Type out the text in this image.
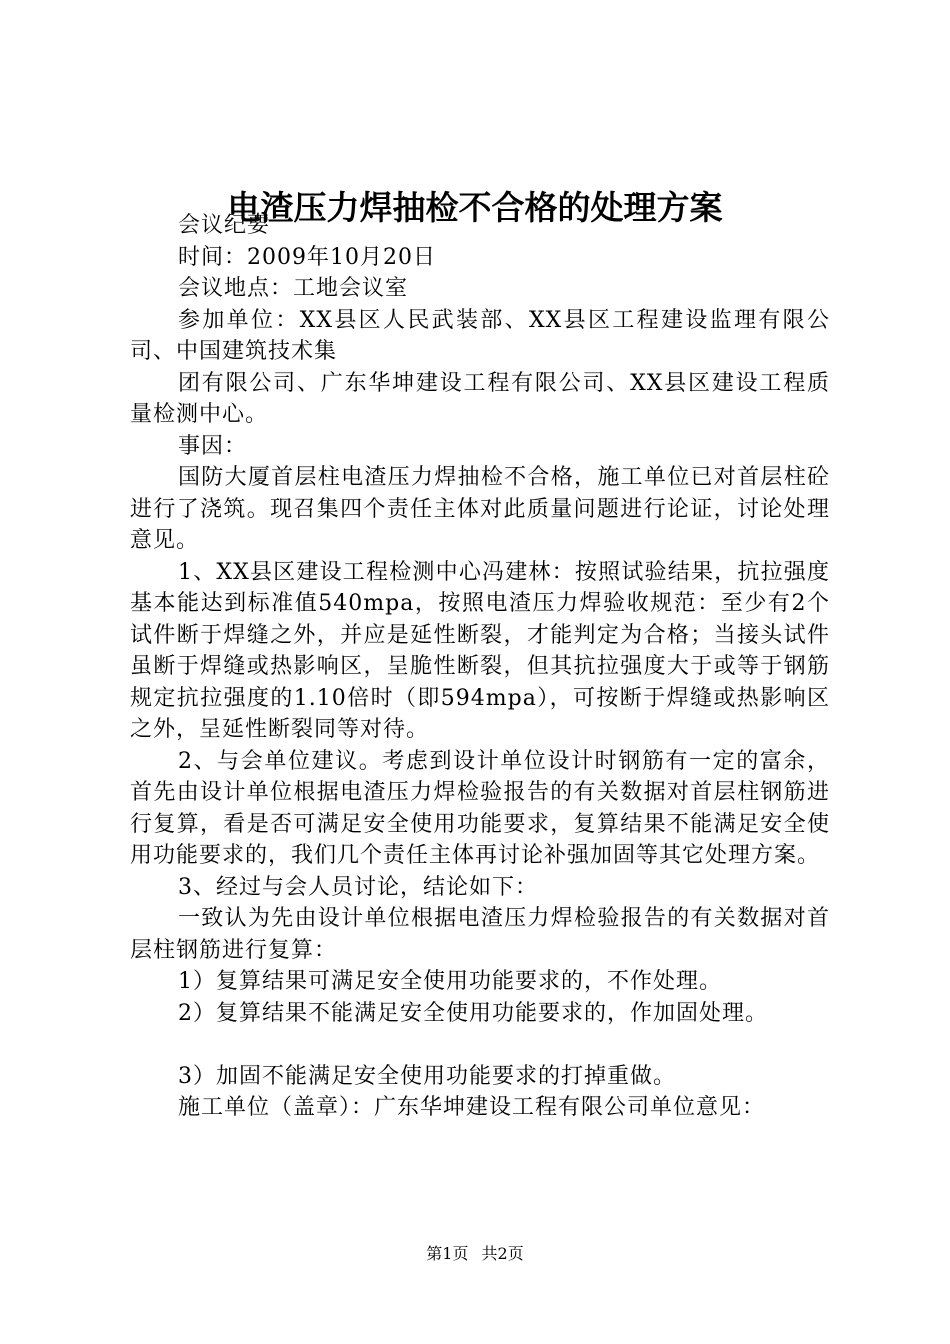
电渣压力焊抽检不合格的处理方案

会议纪要

时间：2009年10月20日

会议地点：工地会议室

参加单位：XX县区人民武装部、XX县区工程建设监理有限公司、中国建筑技术集

团有限公司、广东华坤建设工程有限公司、XX县区建设工程质量检测中心。

事因：

国防大厦首层柱电渣压力焊抽检不合格，施工单位已对首层柱砼进行了浇筑。现召集四个责任主体对此质量问题进行论证，讨论处理意见。

1、XX县区建设工程检测中心冯建林：按照试验结果，抗拉强度基本能达到标准值540mpa，按照电渣压力焊验收规范：至少有2个试件断于焊缝之外，并应是延性断裂，才能判定为合格；当接头试件虽断于焊缝或热影响区，呈脆性断裂，但其抗拉强度大于或等于钢筋规定抗拉强度的1.10倍时（即594mpa），可按断于焊缝或热影响区之外，呈延性断裂同等对待。

2、与会单位建议。考虑到设计单位设计时钢筋有一定的富余，首先由设计单位根据电渣压力焊检验报告的有关数据对首层柱钢筋进行复算，看是否可满足安全使用功能要求，复算结果不能满足安全使用功能要求的，我们几个责任主体再讨论补强加固等其它处理方案。

3、经过与会人员讨论，结论如下：

一致认为先由设计单位根据电渣压力焊检验报告的有关数据对首层柱钢筋进行复算：

1）复算结果可满足安全使用功能要求的，不作处理。

2）复算结果不能满足安全使用功能要求的，作加固处理。

3）加固不能满足安全使用功能要求的打掉重做。

施工单位（盖章）：广东华坤建设工程有限公司单位意见：

第1页 共2页
